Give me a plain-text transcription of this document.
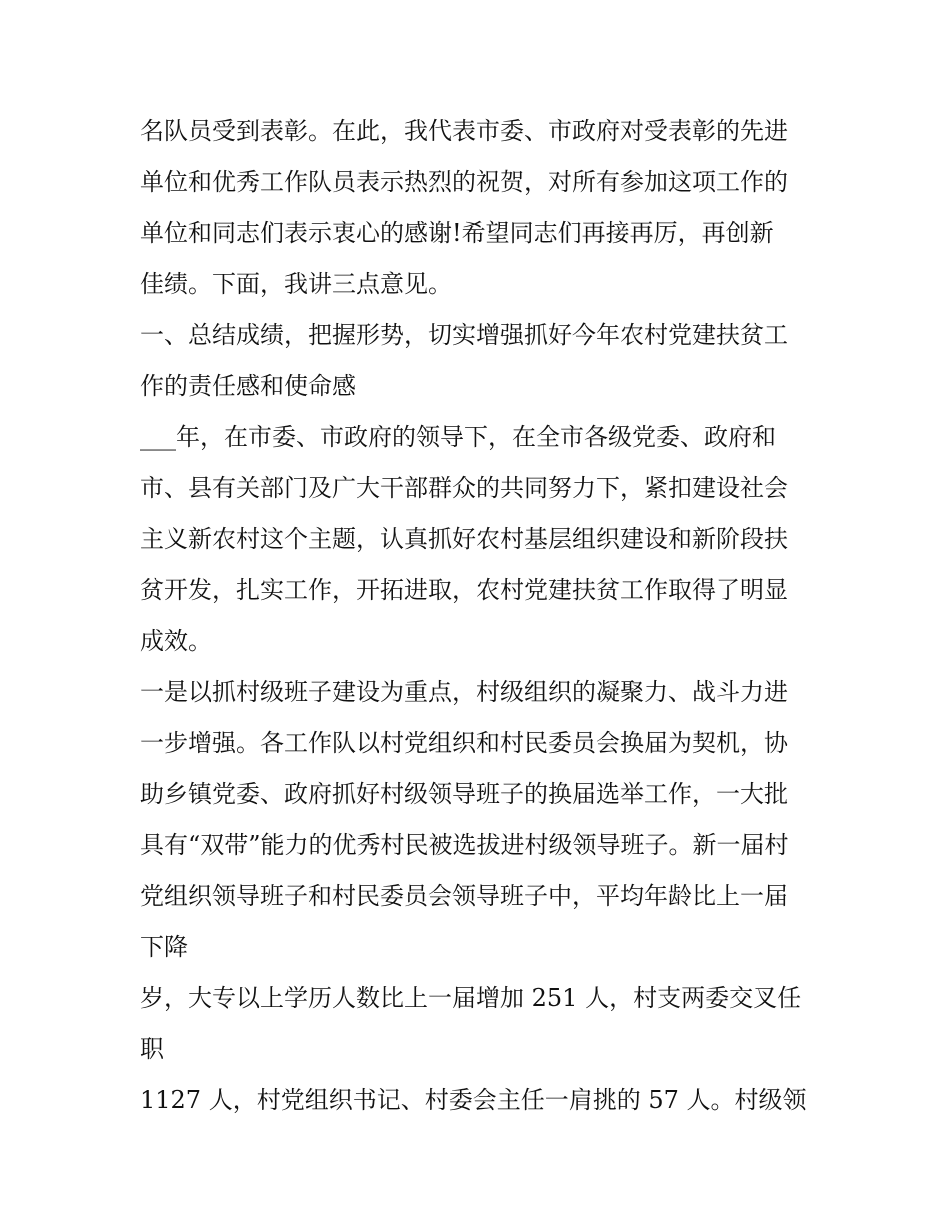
名队员受到表彰。在此，我代表市委、市政府对受表彰的先进
单位和优秀工作队员表示热烈的祝贺，对所有参加这项工作的
单位和同志们表示衷心的感谢!希望同志们再接再厉，再创新
佳绩。下面，我讲三点意见。
一、总结成绩，把握形势，切实增强抓好今年农村党建扶贫工
作的责任感和使命感
___年，在市委、市政府的领导下，在全市各级党委、政府和
市、县有关部门及广大干部群众的共同努力下，紧扣建设社会
主义新农村这个主题，认真抓好农村基层组织建设和新阶段扶
贫开发，扎实工作，开拓进取，农村党建扶贫工作取得了明显
成效。
一是以抓村级班子建设为重点，村级组织的凝聚力、战斗力进
一步增强。各工作队以村党组织和村民委员会换届为契机，协
助乡镇党委、政府抓好村级领导班子的换届选举工作，一大批
具有“双带”能力的优秀村民被选拔进村级领导班子。新一届村
党组织领导班子和村民委员会领导班子中，平均年龄比上一届
下降
岁，大专以上学历人数比上一届增加 251 人，村支两委交叉任
职
1127 人，村党组织书记、村委会主任一肩挑的 57 人。村级领
